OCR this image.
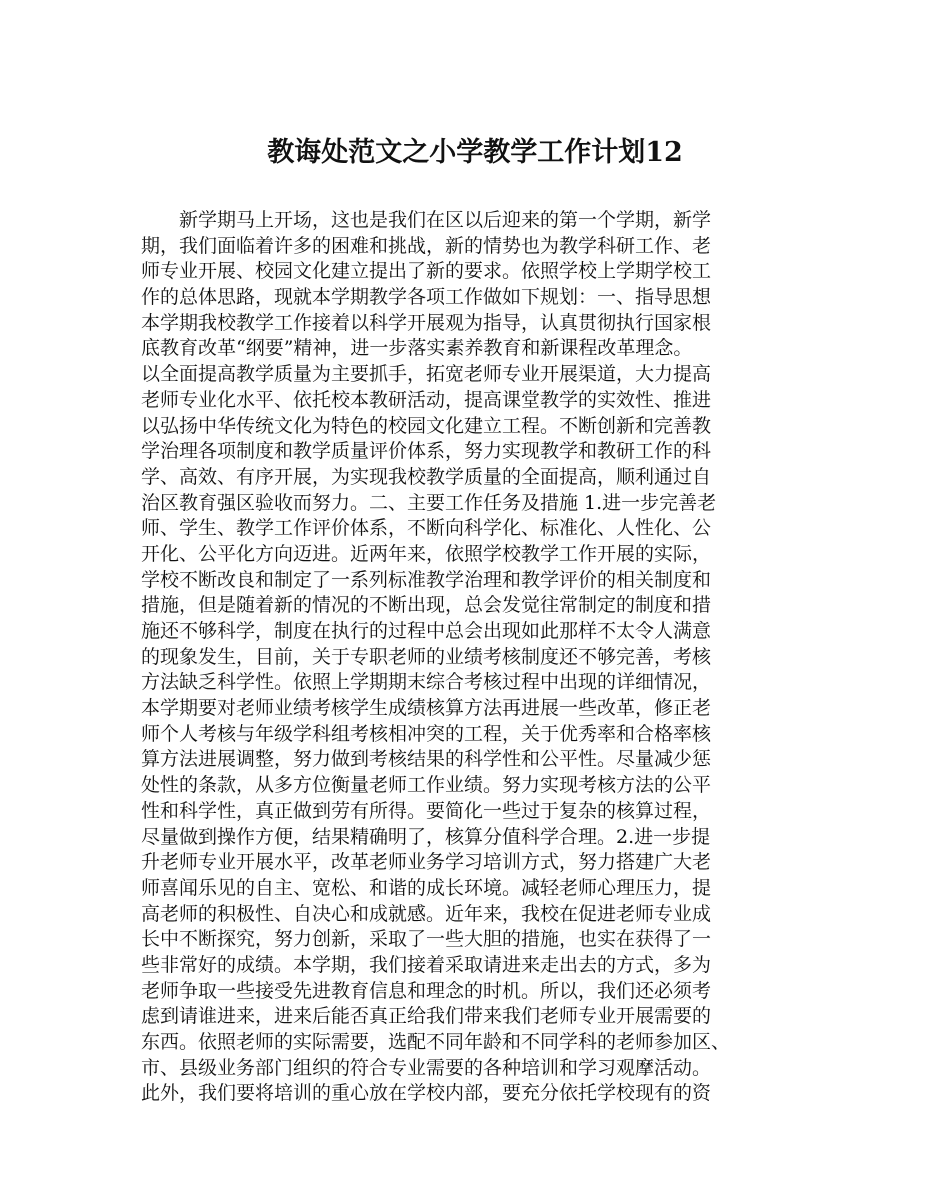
教诲处范文之小学教学工作计划12
　　新学期马上开场，这也是我们在区以后迎来的第一个学期，新学
期，我们面临着许多的困难和挑战，新的情势也为教学科研工作、老
师专业开展、校园文化建立提出了新的要求。依照学校上学期学校工
作的总体思路，现就本学期教学各项工作做如下规划：一、指导思想
本学期我校教学工作接着以科学开展观为指导，认真贯彻执行国家根
底教育改革“纲要”精神，进一步落实素养教育和新课程改革理念。
以全面提高教学质量为主要抓手，拓宽老师专业开展渠道，大力提高
老师专业化水平、依托校本教研活动，提高课堂教学的实效性、推进
以弘扬中华传统文化为特色的校园文化建立工程。不断创新和完善教
学治理各项制度和教学质量评价体系，努力实现教学和教研工作的科
学、高效、有序开展，为实现我校教学质量的全面提高，顺利通过自
治区教育强区验收而努力。二、主要工作任务及措施 1.进一步完善老
师、学生、教学工作评价体系，不断向科学化、标准化、人性化、公
开化、公平化方向迈进。近两年来，依照学校教学工作开展的实际，
学校不断改良和制定了一系列标准教学治理和教学评价的相关制度和
措施，但是随着新的情况的不断出现，总会发觉往常制定的制度和措
施还不够科学，制度在执行的过程中总会出现如此那样不太令人满意
的现象发生，目前，关于专职老师的业绩考核制度还不够完善，考核
方法缺乏科学性。依照上学期期末综合考核过程中出现的详细情况，
本学期要对老师业绩考核学生成绩核算方法再进展一些改革，修正老
师个人考核与年级学科组考核相冲突的工程，关于优秀率和合格率核
算方法进展调整，努力做到考核结果的科学性和公平性。尽量减少惩
处性的条款，从多方位衡量老师工作业绩。努力实现考核方法的公平
性和科学性，真正做到劳有所得。要简化一些过于复杂的核算过程，
尽量做到操作方便，结果精确明了，核算分值科学合理。2.进一步提
升老师专业开展水平，改革老师业务学习培训方式，努力搭建广大老
师喜闻乐见的自主、宽松、和谐的成长环境。减轻老师心理压力，提
高老师的积极性、自决心和成就感。近年来，我校在促进老师专业成
长中不断探究，努力创新，采取了一些大胆的措施，也实在获得了一
些非常好的成绩。本学期，我们接着采取请进来走出去的方式，多为
老师争取一些接受先进教育信息和理念的时机。所以，我们还必须考
虑到请谁进来，进来后能否真正给我们带来我们老师专业开展需要的
东西。依照老师的实际需要，选配不同年龄和不同学科的老师参加区、
市、县级业务部门组织的符合专业需要的各种培训和学习观摩活动。
此外，我们要将培训的重心放在学校内部，要充分依托学校现有的资
